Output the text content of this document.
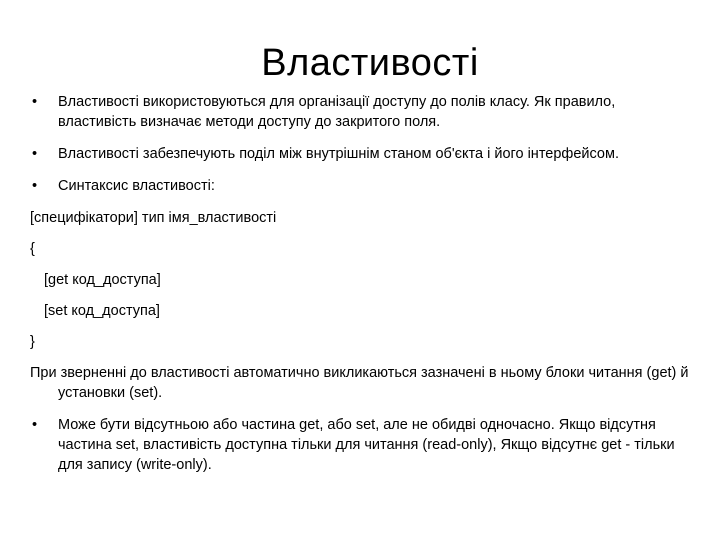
Властивості
•	Властивості використовуються для організації доступу до полів класу. Як правило, властивість визначає методи доступу до закритого поля.
•	Властивості забезпечують поділ між внутрішнім станом об'єкта і його інтерфейсом.
•	Синтаксис властивості:
[специфікатори] тип імя_властивості
{
[get код_доступа]
[set код_доступа]
}
При зверненні до властивості автоматично викликаються зазначені в ньому блоки читання (get) й установки (set).
•	Може бути відсутньою або частина get, або set, але не обидві одночасно. Якщо відсутня частина set, властивість доступна тільки для читання (read-only), Якщо відсутнє get - тільки для запису (write-only).
